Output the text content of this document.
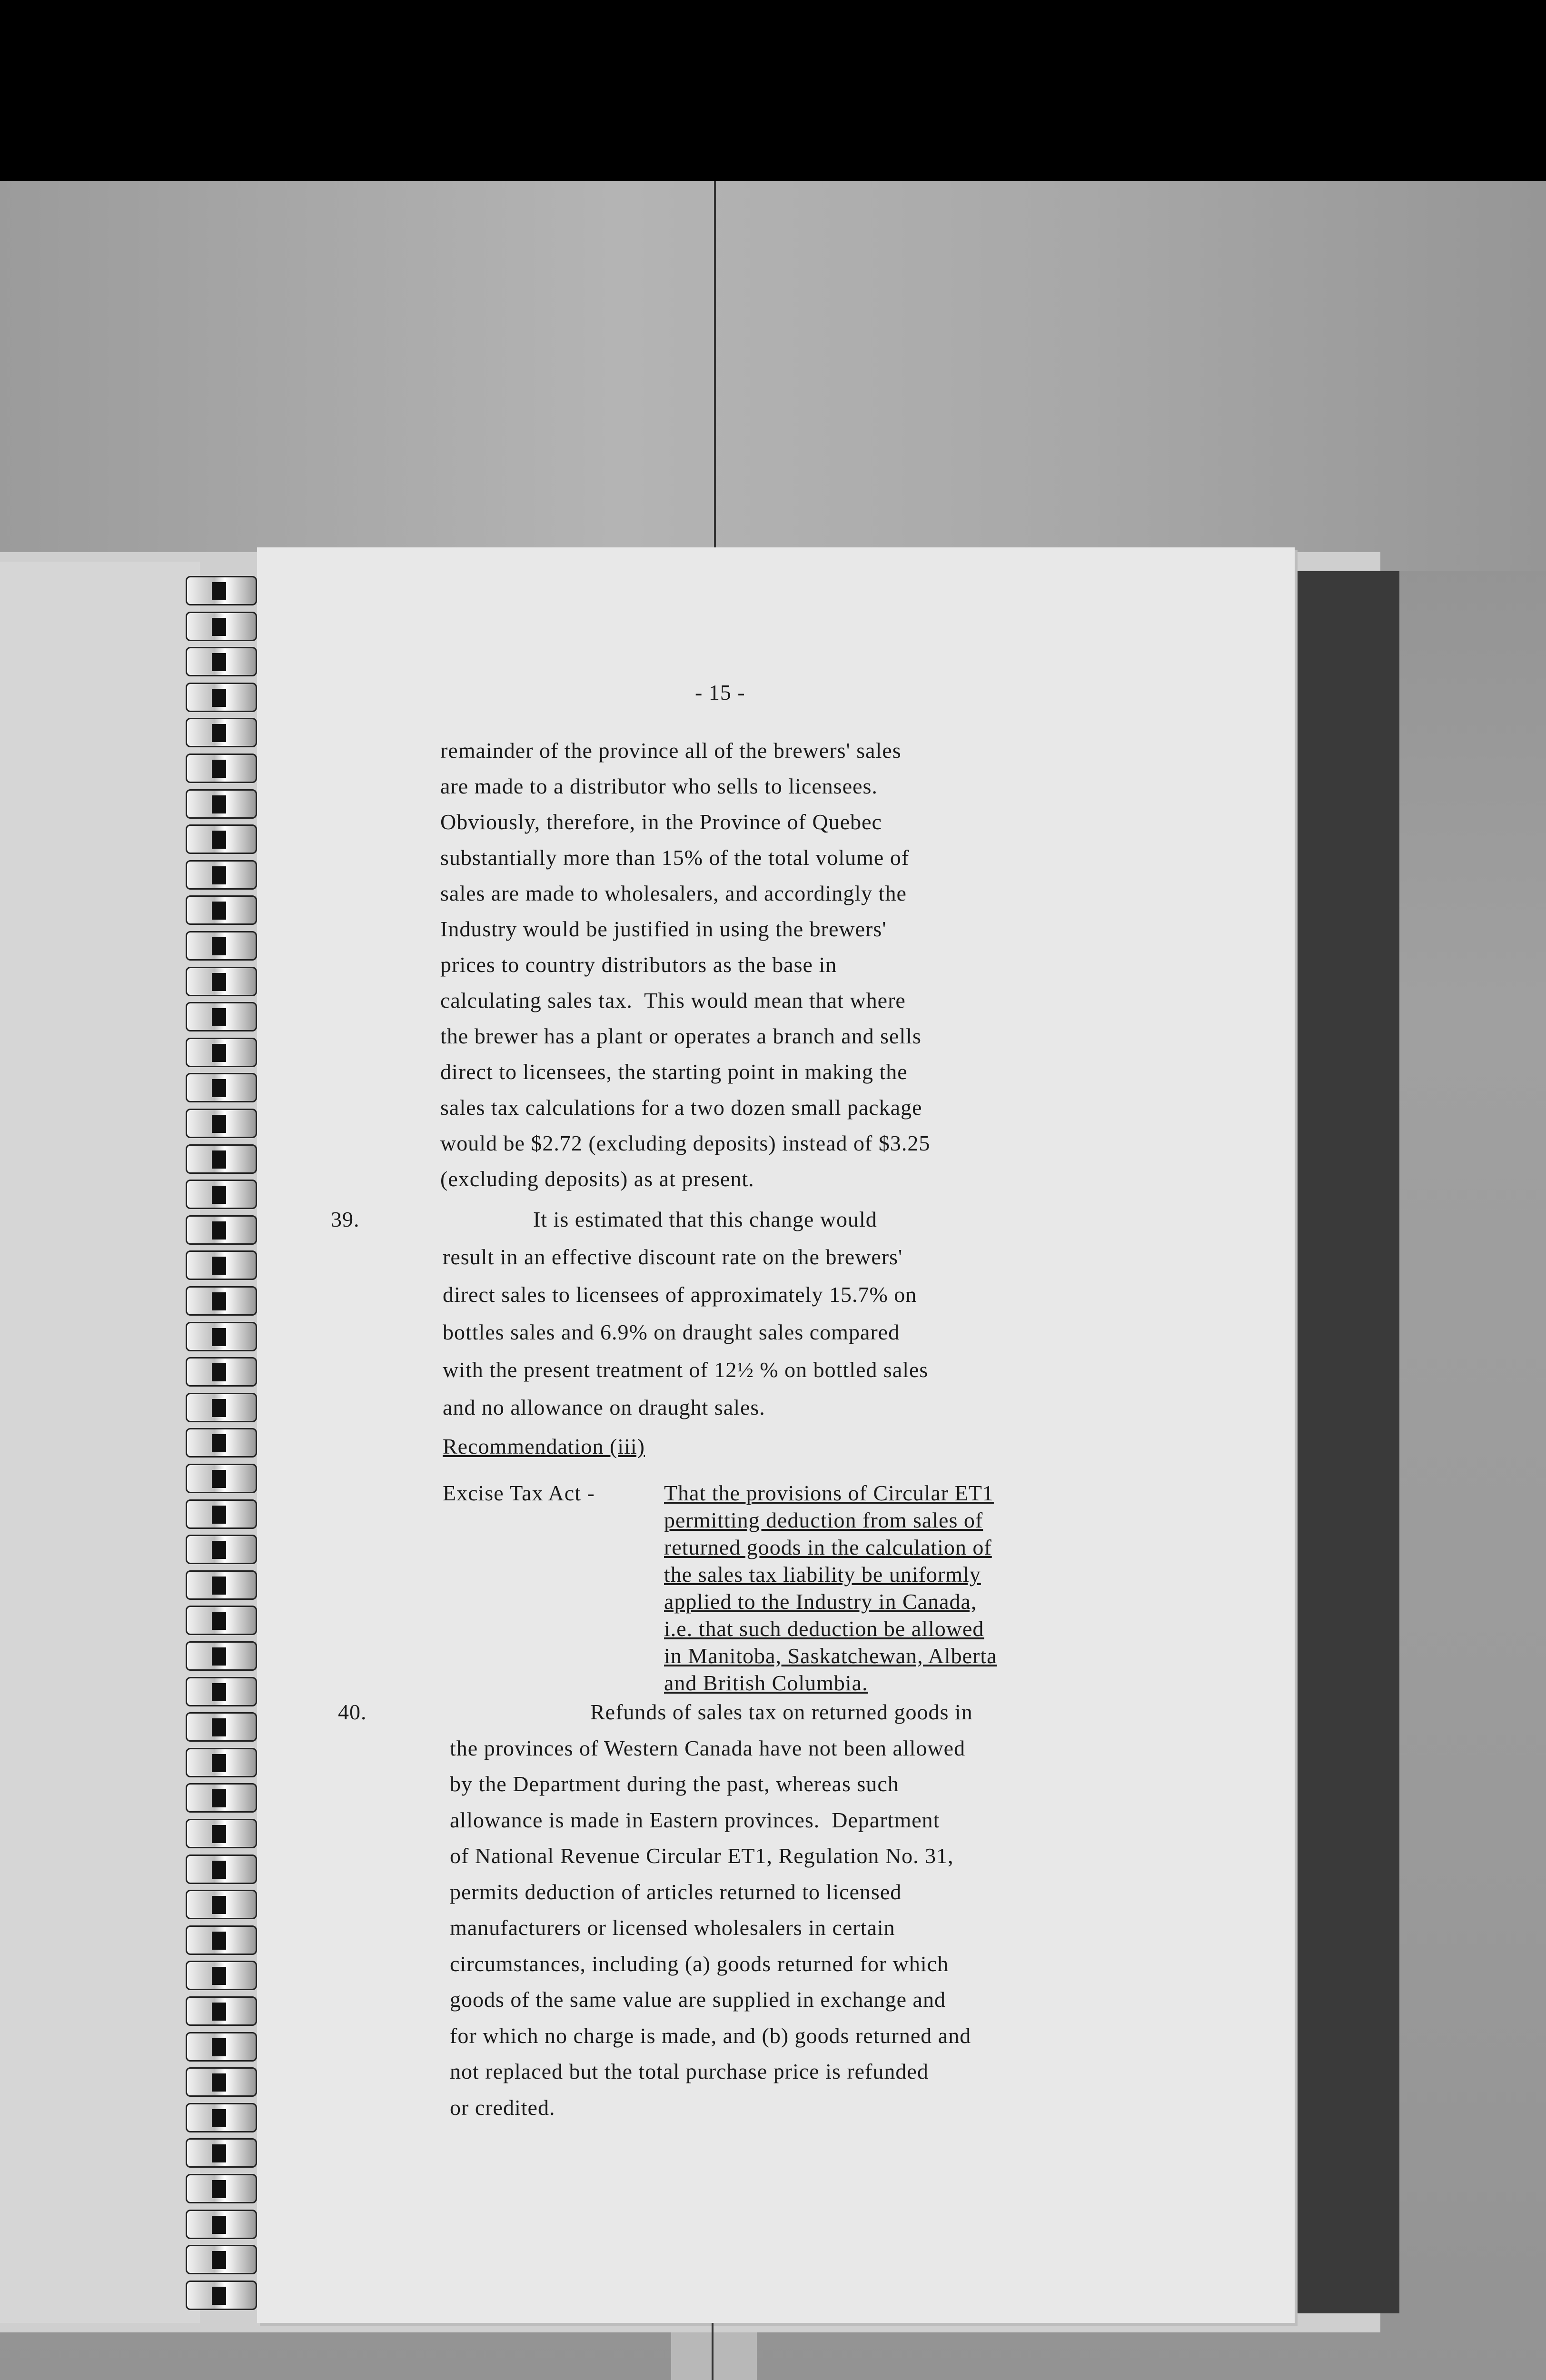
- 15 -
remainder of the province all of the brewers' sales
are made to a distributor who sells to licensees.
Obviously, therefore, in the Province of Quebec
substantially more than 15% of the total volume of
sales are made to wholesalers, and accordingly the
Industry would be justified in using the brewers'
prices to country distributors as the base in
calculating sales tax.  This would mean that where
the brewer has a plant or operates a branch and sells
direct to licensees, the starting point in making the
sales tax calculations for a two dozen small package
would be $2.72 (excluding deposits) instead of $3.25
(excluding deposits) as at present.
39.	It is estimated that this change would
result in an effective discount rate on the brewers'
direct sales to licensees of approximately 15.7% on
bottles sales and 6.9% on draught sales compared
with the present treatment of 12½ % on bottled sales
and no allowance on draught sales.
Recommendation (iii)
Excise Tax Act -	That the provisions of Circular ET1
permitting deduction from sales of
returned goods in the calculation of
the sales tax liability be uniformly
applied to the Industry in Canada,
i.e. that such deduction be allowed
in Manitoba, Saskatchewan, Alberta
and British Columbia.
40.	Refunds of sales tax on returned goods in
the provinces of Western Canada have not been allowed
by the Department during the past, whereas such
allowance is made in Eastern provinces.  Department
of National Revenue Circular ET1, Regulation No. 31,
permits deduction of articles returned to licensed
manufacturers or licensed wholesalers in certain
circumstances, including (a) goods returned for which
goods of the same value are supplied in exchange and
for which no charge is made, and (b) goods returned and
not replaced but the total purchase price is refunded
or credited.
